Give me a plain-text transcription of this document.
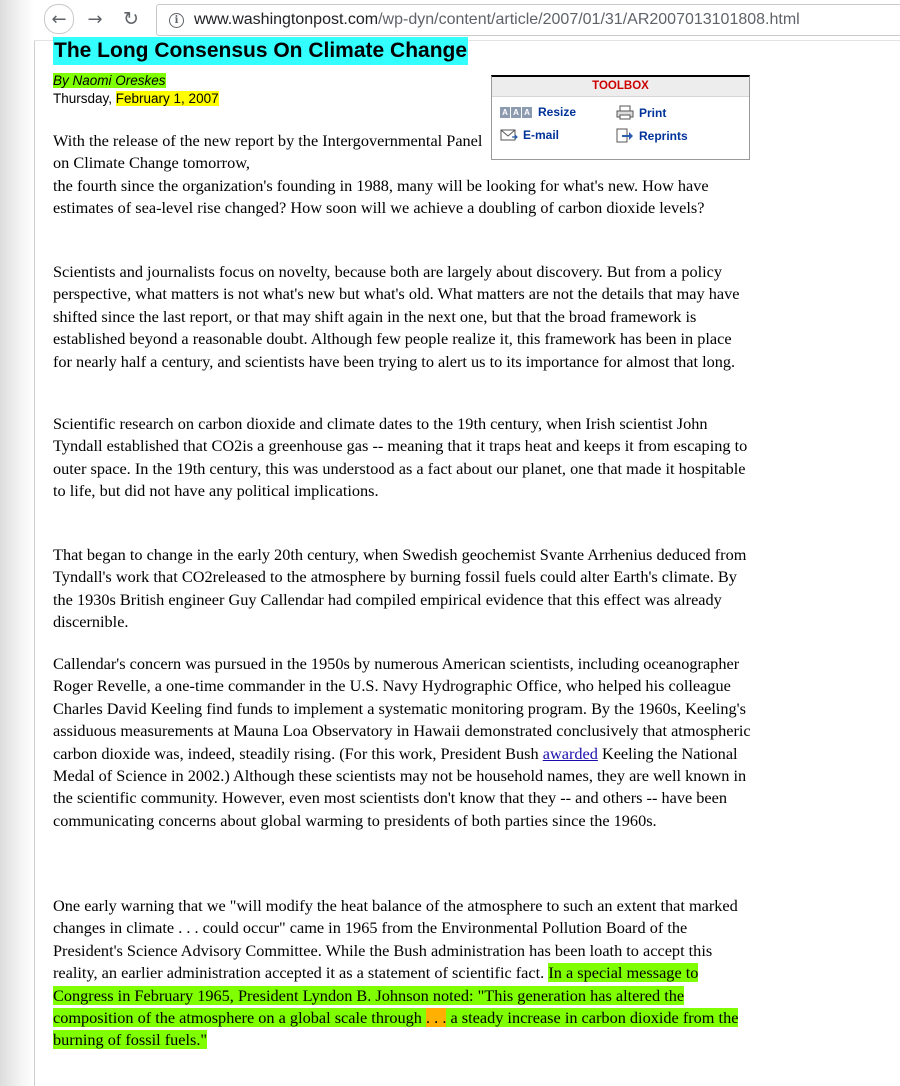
←	→ ↻	i www.washingtonpost.com/wp-dyn/content/article/2007/01/31/AR2007013101808.html
The Long Consensus On Climate Change
By Naomi Oreskes
Thursday, February 1, 2007
TOOLBOX
A A A Resize	Print
E-mail	Reprints
With the release of the new report by the Intergovernmental Panel on Climate Change tomorrow,
the fourth since the organization's founding in 1988, many will be looking for what's new. How have estimates of sea-level rise changed? How soon will we achieve a doubling of carbon dioxide levels?

Scientists and journalists focus on novelty, because both are largely about discovery. But from a policy perspective, what matters is not what's new but what's old. What matters are not the details that may have shifted since the last report, or that may shift again in the next one, but that the broad framework is established beyond a reasonable doubt. Although few people realize it, this framework has been in place for nearly half a century, and scientists have been trying to alert us to its importance for almost that long.

Scientific research on carbon dioxide and climate dates to the 19th century, when Irish scientist John Tyndall established that CO2is a greenhouse gas -- meaning that it traps heat and keeps it from escaping to outer space. In the 19th century, this was understood as a fact about our planet, one that made it hospitable to life, but did not have any political implications.

That began to change in the early 20th century, when Swedish geochemist Svante Arrhenius deduced from Tyndall's work that CO2released to the atmosphere by burning fossil fuels could alter Earth's climate. By the 1930s British engineer Guy Callendar had compiled empirical evidence that this effect was already discernible.

Callendar's concern was pursued in the 1950s by numerous American scientists, including oceanographer Roger Revelle, a one-time commander in the U.S. Navy Hydrographic Office, who helped his colleague Charles David Keeling find funds to implement a systematic monitoring program. By the 1960s, Keeling's assiduous measurements at Mauna Loa Observatory in Hawaii demonstrated conclusively that atmospheric carbon dioxide was, indeed, steadily rising. (For this work, President Bush awarded Keeling the National Medal of Science in 2002.) Although these scientists may not be household names, they are well known in the scientific community. However, even most scientists don't know that they -- and others -- have been communicating concerns about global warming to presidents of both parties since the 1960s.

One early warning that we "will modify the heat balance of the atmosphere to such an extent that marked changes in climate . . . could occur" came in 1965 from the Environmental Pollution Board of the President's Science Advisory Committee. While the Bush administration has been loath to accept this reality, an earlier administration accepted it as a statement of scientific fact. In a special message to Congress in February 1965, President Lyndon B. Johnson noted: "This generation has altered the composition of the atmosphere on a global scale through . . . a steady increase in carbon dioxide from the burning of fossil fuels."
